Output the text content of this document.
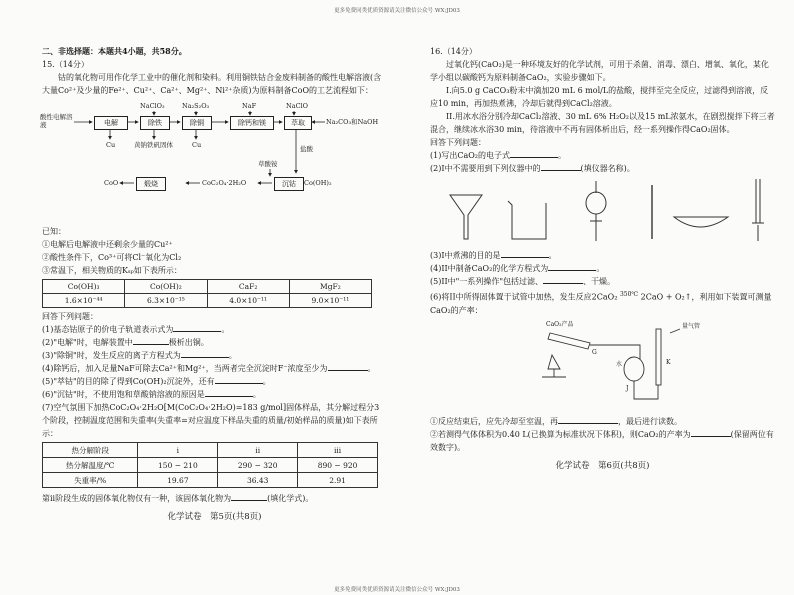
更多免费同类优质资源请关注微信公众号 WX:JD03

二、非选择题：本题共4小题，共58分。

15.（14分）

钴的氧化物可用作化学工业中的催化剂和染料。利用铜铁钴合金废料制备的酸性电解溶液(含大量Co²⁺及少量的Fe²⁺、Cu²⁺、Ca²⁺、Mg²⁺、Ni²⁺杂质)为原料制备CoO的工艺流程如下：

酸性电解溶液	电解	除铁	除铜	除钙和镁	萃取
沉钴
煅烧
NaClO₃	Na₂S₂O₃	NaF	NaClO
Na₂CO₃和NaOH
草酸铵
盐酸
Cu	黄钠铁矾固体	Cu
CoO	CoC₂O₄·2H₂O	Co(OH)₂

已知：

①电解后电解液中还剩余少量的Cu²⁺

②酸性条件下，Co³⁺可将Cl⁻氧化为Cl₂

③常温下，相关物质的Kₛₚ如下表所示：

Co(OH)₃	Co(OH)₂	CaF₂	MgF₂
1.6×10⁻⁴⁴	6.3×10⁻¹⁵	4.0×10⁻¹¹	9.0×10⁻¹¹

回答下列问题：

(1)基态钴原子的价电子轨道表示式为	。

(2)"电解"时，电解装置中	极析出铜。

(3)"除铜"时，发生反应的离子方程式为	。

(4)除钙后，加入足量NaF可除去Ca²⁺和Mg²⁺，当两者完全沉淀时F⁻浓度至少为	。

(5)"萃钴"的目的除了得到Co(OH)₂沉淀外，还有	。

(6)"沉钴"时，不使用饱和草酸钠溶液的原因是	。

(7)空气氛围下加热CoC₂O₄·2H₂O[M(CoC₂O₄·2H₂O)=183 g/mol]固体样品，其分解过程分3个阶段，控制温度范围和失重率(失重率=对应温度下样品失重的质量/初始样品的质量)如下表所示：

热分解阶段	i	ii	iii
热分解温度/℃	150 − 210	290 − 320	890 − 920
失重率/%	19.67	36.43	2.91

第ii阶段生成的固体氧化物仅有一种，该固体氧化物为	(填化学式)。

化学试卷　第5页(共8页)

16.（14分）

过氧化钙(CaO₂)是一种环境友好的化学试剂，可用于杀菌、消毒、漂白、增氧、氧化，某化学小组以碳酸钙为原料制备CaO₂，实验步骤如下。

I.向5.0 g CaCO₃粉末中滴加20 mL 6 mol/L的盐酸，搅拌至完全反应，过滤得到溶液，反应10 min，再加热煮沸，冷却后就得到CaCl₂溶液。

II.用冰水浴分别冷却CaCl₂溶液、30 mL 6% H₂O₂以及15 mL浓氨水，在剧烈搅拌下将三者混合，继续冰水浴30 min，待溶液中不再有固体析出后，经一系列操作得CaO₂固体。

回答下列问题：

(1)写出CaO₂的电子式	。

(2)I中不需要用到下列仪器中的	(填仪器名称)。

(3)I中煮沸的目的是	。

(4)II中制备CaO₂的化学方程式为	。

(5)II中"一系列操作"包括过滤、	、干燥。

(6)将II中所得固体置于试管中加热，发生反应2CaO₂ $^{350℃}$ 2CaO + O₂↑，利用如下装置可测量CaO₂的产率：

CaO₂产品	量气管
水	K
J
G

①反应结束后，应先冷却至室温，再	，最后进行读数。

②若测得气体体积为0.40 L(已换算为标准状况下体积)，则CaO₂的产率为	(保留两位有效数字)。

化学试卷　第6页(共8页)

更多免费同类优质资源请关注微信公众号 WX:JD03
